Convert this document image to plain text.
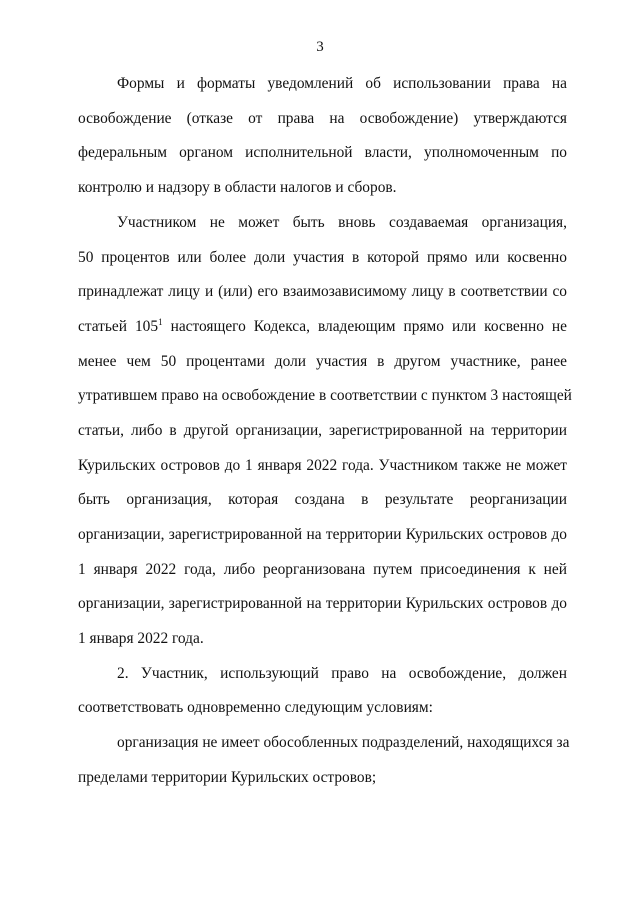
3
Формы и форматы уведомлений об использовании права на
освобождение (отказе от права на освобождение) утверждаются
федеральным органом исполнительной власти, уполномоченным по
контролю и надзору в области налогов и сборов.
Участником не может быть вновь создаваемая организация,
50 процентов или более доли участия в которой прямо или косвенно
принадлежат лицу и (или) его взаимозависимому лицу в соответствии со
статьей $105^1$ настоящего Кодекса, владеющим прямо или косвенно не
менее чем 50 процентами доли участия в другом участнике, ранее
утратившем право на освобождение в соответствии с пунктом 3 настоящей
статьи, либо в другой организации, зарегистрированной на территории
Курильских островов до 1 января 2022 года. Участником также не может
быть организация, которая создана в результате реорганизации
организации, зарегистрированной на территории Курильских островов до
1 января 2022 года, либо реорганизована путем присоединения к ней
организации, зарегистрированной на территории Курильских островов до
1 января 2022 года.
2. Участник, использующий право на освобождение, должен
соответствовать одновременно следующим условиям:
организация не имеет обособленных подразделений, находящихся за
пределами территории Курильских островов;
